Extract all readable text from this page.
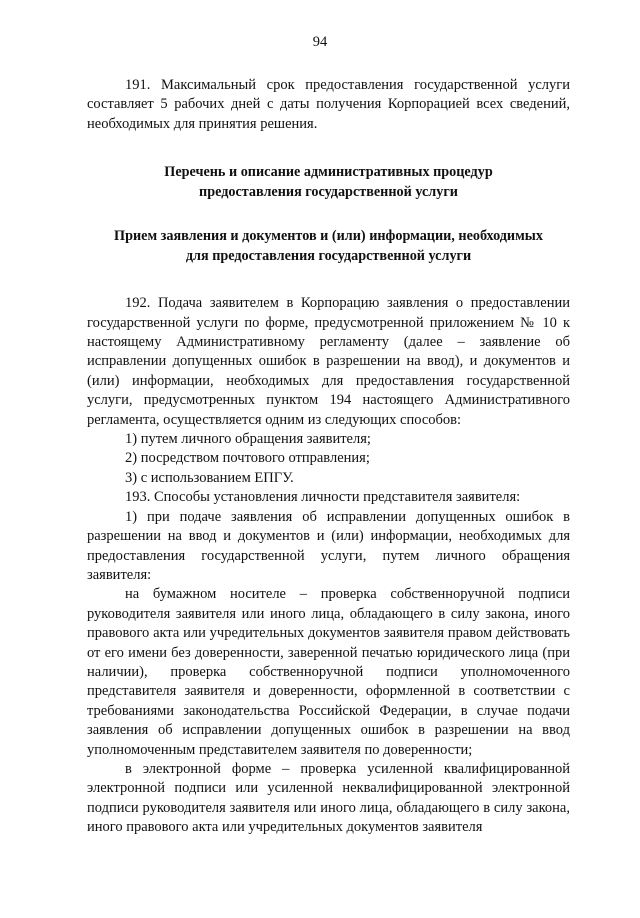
94

191. Максимальный срок предоставления государственной услуги составляет 5 рабочих дней с даты получения Корпорацией всех сведений, необходимых для принятия решения.

Перечень и описание административных процедур
предоставления государственной услуги
Прием заявления и документов и (или) информации, необходимых
для предоставления государственной услуги

192. Подача заявителем в Корпорацию заявления о предоставлении государственной услуги по форме, предусмотренной приложением № 10 к настоящему Административному регламенту (далее – заявление об исправлении допущенных ошибок в разрешении на ввод), и документов и (или) информации, необходимых для предоставления государственной услуги, предусмотренных пунктом 194 настоящего Административного регламента, осуществляется одним из следующих способов:

1) путем личного обращения заявителя;

2) посредством почтового отправления;

3) с использованием ЕПГУ.

193. Способы установления личности представителя заявителя:

1) при подаче заявления об исправлении допущенных ошибок в разрешении на ввод и документов и (или) информации, необходимых для предоставления государственной услуги, путем личного обращения заявителя:

на бумажном носителе – проверка собственноручной подписи руководителя заявителя или иного лица, обладающего в силу закона, иного правового акта или учредительных документов заявителя правом действовать от его имени без доверенности, заверенной печатью юридического лица (при наличии), проверка собственноручной подписи уполномоченного представителя заявителя и доверенности, оформленной в соответствии с требованиями законодательства Российской Федерации, в случае подачи заявления об исправлении допущенных ошибок в разрешении на ввод уполномоченным представителем заявителя по доверенности;

в электронной форме – проверка усиленной квалифицированной электронной подписи или усиленной неквалифицированной электронной подписи руководителя заявителя или иного лица, обладающего в силу закона, иного правового акта или учредительных документов заявителя
